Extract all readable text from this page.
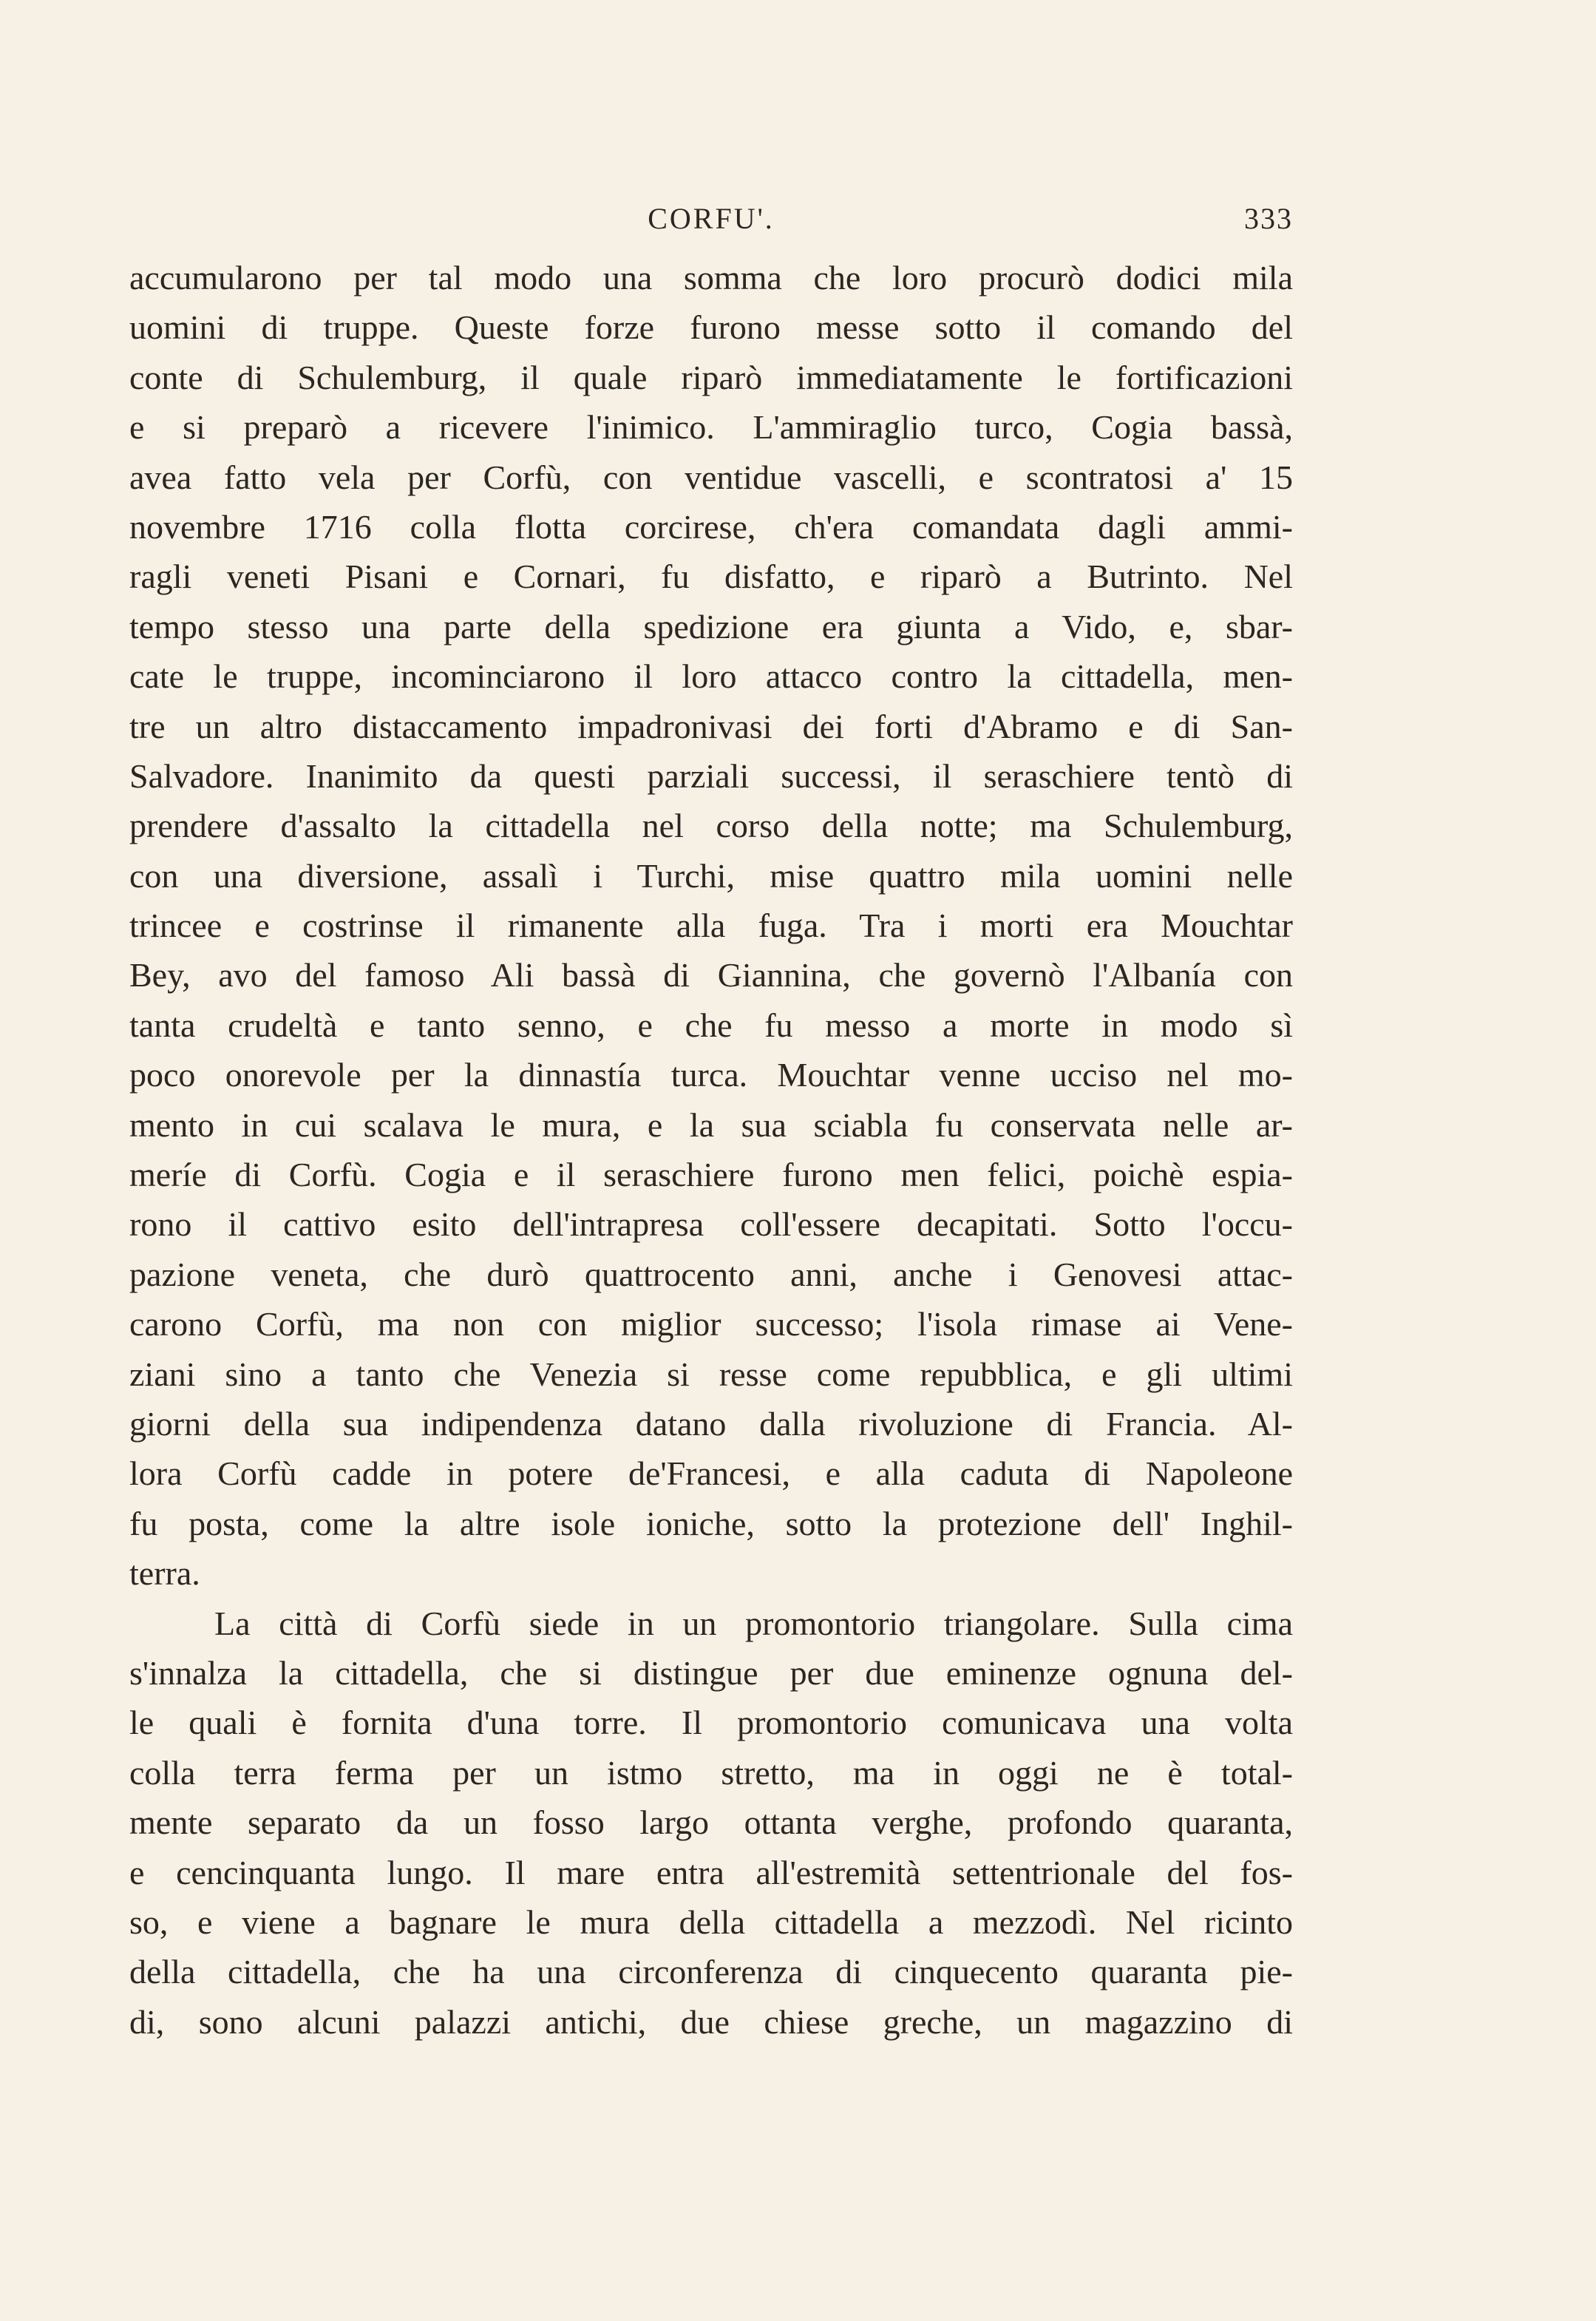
CORFU'.	333
accumularono per tal modo una somma che loro procurò dodici mila
uomini di truppe. Queste forze furono messe sotto il comando del
conte di Schulemburg, il quale riparò immediatamente le fortificazioni
e si preparò a ricevere l'inimico. L'ammiraglio turco, Cogia bassà,
avea fatto vela per Corfù, con ventidue vascelli, e scontratosi a' 15
novembre 1716 colla flotta corcirese, ch'era comandata dagli ammi-
ragli veneti Pisani e Cornari, fu disfatto, e riparò a Butrinto. Nel
tempo stesso una parte della spedizione era giunta a Vido, e, sbar-
cate le truppe, incominciarono il loro attacco contro la cittadella, men-
tre un altro distaccamento impadronivasi dei forti d'Abramo e di San-
Salvadore. Inanimito da questi parziali successi, il seraschiere tentò di
prendere d'assalto la cittadella nel corso della notte; ma Schulemburg,
con una diversione, assalì i Turchi, mise quattro mila uomini nelle
trincee e costrinse il rimanente alla fuga. Tra i morti era Mouchtar
Bey, avo del famoso Ali bassà di Giannina, che governò l'Albanía con
tanta crudeltà e tanto senno, e che fu messo a morte in modo sì
poco onorevole per la dinnastía turca. Mouchtar venne ucciso nel mo-
mento in cui scalava le mura, e la sua sciabla fu conservata nelle ar-
meríe di Corfù. Cogia e il seraschiere furono men felici, poichè espia-
rono il cattivo esito dell'intrapresa coll'essere decapitati. Sotto l'occu-
pazione veneta, che durò quattrocento anni, anche i Genovesi attac-
carono Corfù, ma non con miglior successo; l'isola rimase ai Vene-
ziani sino a tanto che Venezia si resse come repubblica, e gli ultimi
giorni della sua indipendenza datano dalla rivoluzione di Francia. Al-
lora Corfù cadde in potere de'Francesi, e alla caduta di Napoleone
fu posta, come la altre isole ioniche, sotto la protezione dell' Inghil-
terra.
La città di Corfù siede in un promontorio triangolare. Sulla cima
s'innalza la cittadella, che si distingue per due eminenze ognuna del-
le quali è fornita d'una torre. Il promontorio comunicava una volta
colla terra ferma per un istmo stretto, ma in oggi ne è total-
mente separato da un fosso largo ottanta verghe, profondo quaranta,
e cencinquanta lungo. Il mare entra all'estremità settentrionale del fos-
so, e viene a bagnare le mura della cittadella a mezzodì. Nel ricinto
della cittadella, che ha una circonferenza di cinquecento quaranta pie-
di, sono alcuni palazzi antichi, due chiese greche, un magazzino di
